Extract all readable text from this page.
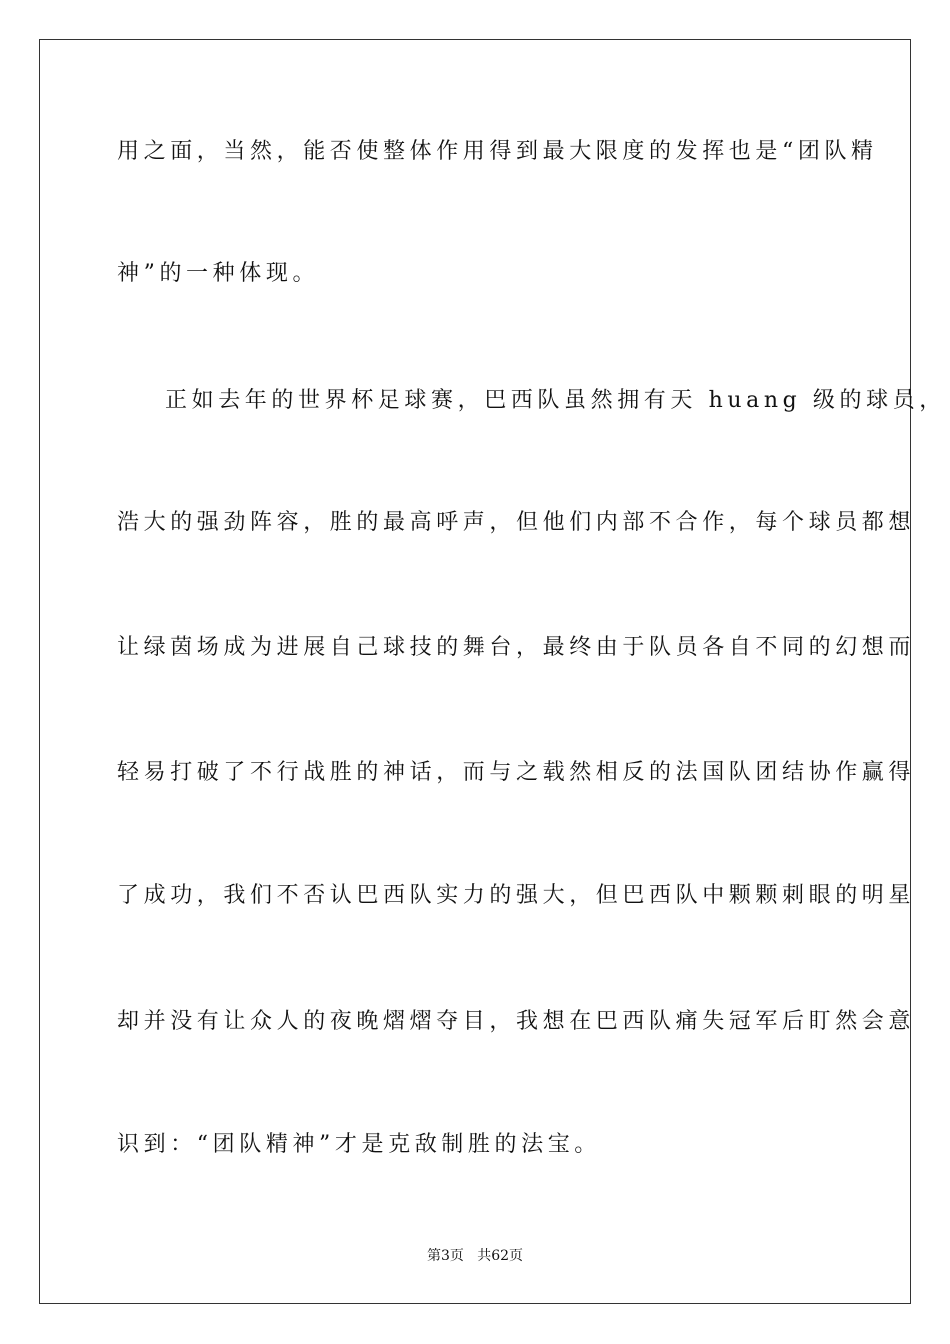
用之面，当然，能否使整体作用得到最大限度的发挥也是“团队精
神”的一种体现。
正如去年的世界杯足球赛，巴西队虽然拥有天 huang 级的球员，
浩大的强劲阵容，胜的最高呼声，但他们内部不合作，每个球员都想
让绿茵场成为进展自己球技的舞台，最终由于队员各自不同的幻想而
轻易打破了不行战胜的神话，而与之载然相反的法国队团结协作赢得
了成功，我们不否认巴西队实力的强大，但巴西队中颗颗刺眼的明星
却并没有让众人的夜晚熠熠夺目，我想在巴西队痛失冠军后盯然会意
识到：“团队精神”才是克敌制胜的法宝。
第3页   共62页
